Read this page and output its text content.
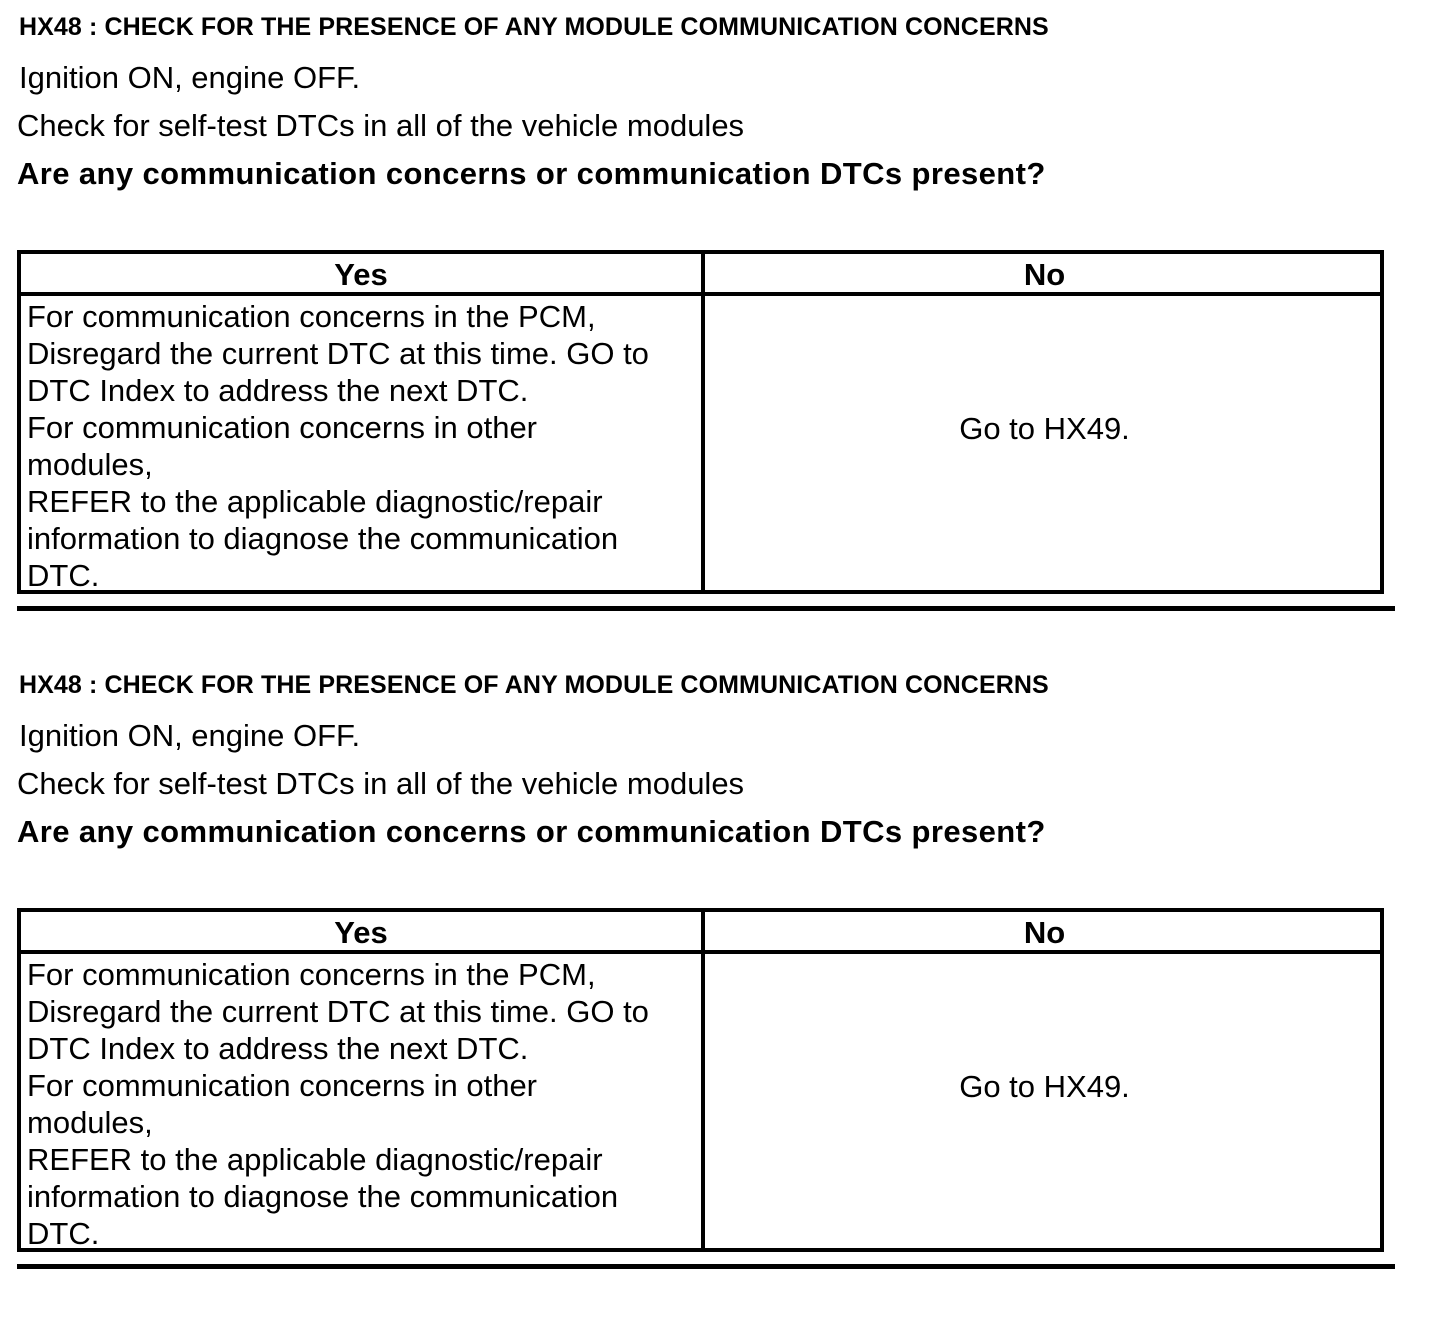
HX48 : CHECK FOR THE PRESENCE OF ANY MODULE COMMUNICATION CONCERNS
Ignition ON, engine OFF.
Check for self-test DTCs in all of the vehicle modules
Are any communication concerns or communication DTCs present?
Yes	No
For communication concerns in the PCM,
Disregard the current DTC at this time. GO to
DTC Index to address the next DTC.
For communication concerns in other
modules,
REFER to the applicable diagnostic/repair
information to diagnose the communication
DTC.
Go to HX49.
HX48 : CHECK FOR THE PRESENCE OF ANY MODULE COMMUNICATION CONCERNS
Ignition ON, engine OFF.
Check for self-test DTCs in all of the vehicle modules
Are any communication concerns or communication DTCs present?
Yes	No
For communication concerns in the PCM,
Disregard the current DTC at this time. GO to
DTC Index to address the next DTC.
For communication concerns in other
modules,
REFER to the applicable diagnostic/repair
information to diagnose the communication
DTC.
Go to HX49.
